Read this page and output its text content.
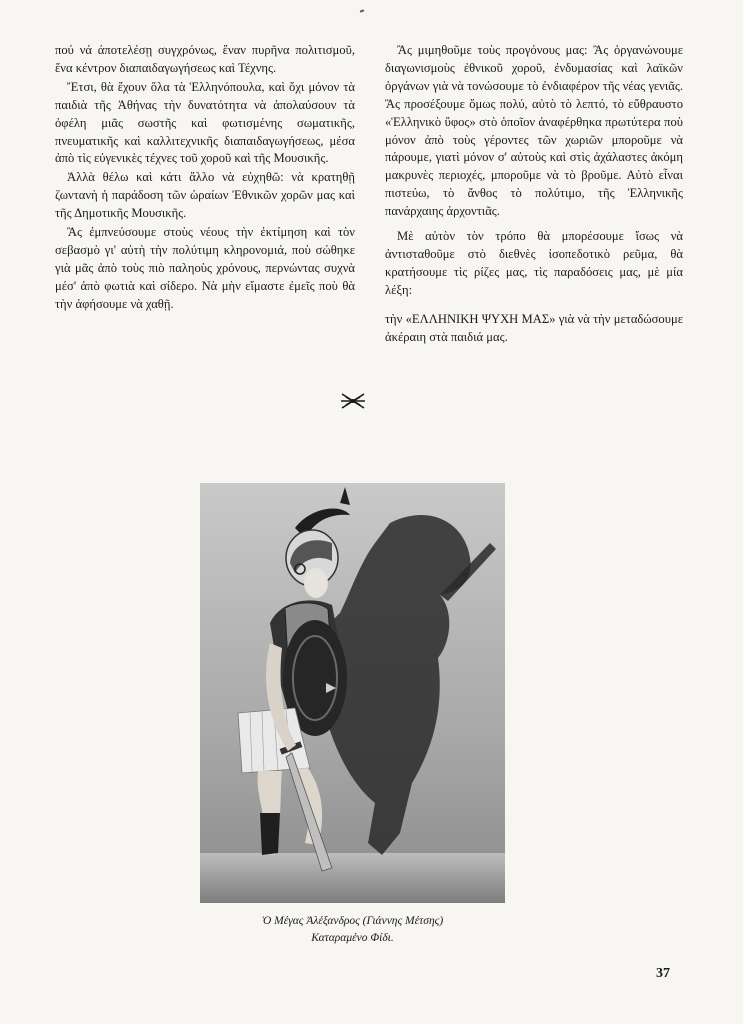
πού νά άποτελέσῃ συγχρόνως, ἕναν πυρῆνα πολιτισμοῦ, ἕνα κέντρον διαπαιδαγωγήσεως καὶ Τέχνης.

Ἔτσι, θὰ ἔχουν ὅλα τὰ Ἑλληνόπουλα, καὶ ὄχι μόνον τὰ παιδιὰ τῆς Ἀθήνας τὴν δυνατότητα νὰ ἀπολαύσουν τὰ ὀφέλη μιᾶς σωστῆς καὶ φωτισμένης σωματικῆς, πνευματικῆς καὶ καλλιτεχνικῆς διαπαιδαγωγήσεως, μέσα ἀπὸ τὶς εὐγενικὲς τέχνες τοῦ χοροῦ καὶ τῆς Μουσικῆς.

Ἀλλὰ θέλω καὶ κάτι ἄλλο νὰ εὐχηθῶ: νὰ κρατηθῇ ζωντανὴ ἡ παράδοση τῶν ὡραίων Ἐθνικῶν χορῶν μας καὶ τῆς Δημοτικῆς Μουσικῆς.

Ἂς ἐμπνεύσουμε στοὺς νέους τὴν ἐκτίμηση καὶ τὸν σεβασμὸ γι' αὐτὴ τὴν πολύτιμη κληρονομιά, ποὺ σώθηκε γιὰ μᾶς ἀπὸ τοὺς πιὸ παληοὺς χρόνους, περνώντας συχνὰ μέσ' ἀπὸ φωτιὰ καὶ σίδερο. Νὰ μὴν εἴμαστε ἐμεῖς ποὺ θὰ τὴν ἀφήσουμε νὰ χαθῇ.

Ἂς μιμηθοῦμε τοὺς προγόνους μας: Ἂς ὀργανώνουμε διαγωνισμοὺς ἐθνικοῦ χοροῦ, ἐνδυμασίας καὶ λαϊκῶν ὀργάνων γιὰ νὰ τονώσουμε τὸ ἐνδιαφέρον τῆς νέας γενιᾶς. Ἂς προσέξουμε ὅμως πολύ, αὐτὸ τὸ λεπτό, τὸ εὔθραυστο «Ἑλληνικὸ ὕφος» στὸ ὁποῖον ἀναφέρθηκα πρωτύτερα ποὺ μόνον ἀπὸ τοὺς γέροντες τῶν χωριῶν μποροῦμε νὰ πάρουμε, γιατὶ μόνον σ' αὐτοὺς καὶ στὶς ἀχάλαστες ἀκόμη μακρυνὲς περιοχές, μποροῦμε νὰ τὸ βροῦμε. Αὐτὸ εἶναι πιστεύω, τὸ ἄνθος τὸ πολύτιμο, τῆς Ἑλληνικῆς πανάρχαιης ἀρχοντιᾶς.

Μὲ αὐτὸν τὸν τρόπο θὰ μπορέσουμε ἴσως νὰ ἀντισταθοῦμε στὸ διεθνὲς ἰσοπεδοτικὸ ρεῦμα, θὰ κρατήσουμε τὶς ρίζες μας, τὶς παραδόσεις μας, μὲ μία λέξη:

τὴν «ΕΛΛΗΝΙΚΗ ΨΥΧΗ ΜΑΣ» γιὰ νὰ τὴν μεταδώσουμε ἀκέραιη στὰ παιδιά μας.

Ὁ Μέγας Ἀλέξανδρος (Γιάννης Μέτσης)
Καταραμένο Φίδι.
37
